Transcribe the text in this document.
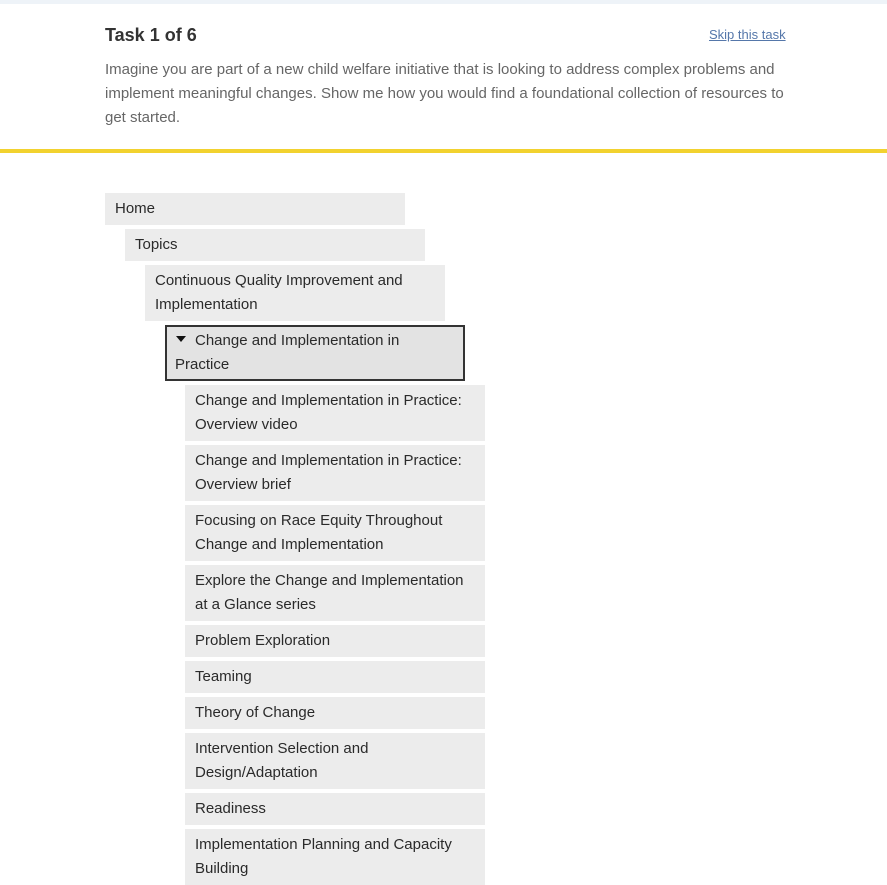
Task 1 of 6	Skip this task
Imagine you are part of a new child welfare initiative that is looking to address complex problems and implement meaningful changes. Show me how you would find a foundational collection of resources to get started.
Home
Topics
Continuous Quality Improvement and Implementation
Change and Implementation in Practice
Change and Implementation in Practice: Overview video
Change and Implementation in Practice: Overview brief
Focusing on Race Equity Throughout Change and Implementation
Explore the Change and Implementation at a Glance series
Problem Exploration
Teaming
Theory of Change
Intervention Selection and Design/Adaptation
Readiness
Implementation Planning and Capacity Building
